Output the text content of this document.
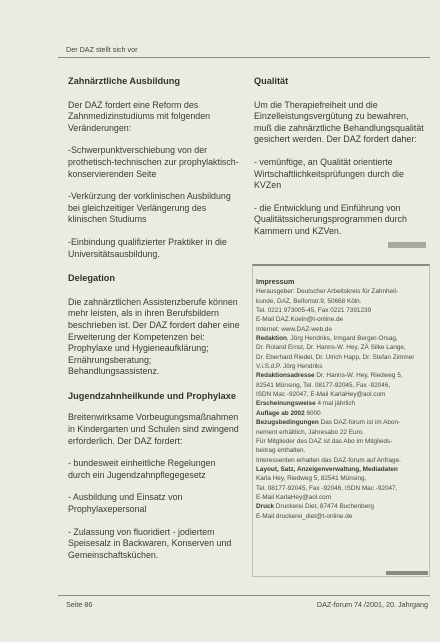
Der DAZ stellt sich vor
Zahnärztliche Ausbildung

Der DAZ fordert eine Reform des Zahnmedizinstudiums mit folgenden Veränderungen:

-Schwerpunktverschiebung von der prothetisch-technischen zur prophylaktisch-konservierenden Seite

-Verkürzung der vorklinischen Ausbildung bei gleichzeitiger Verlängerung des klinischen Studiums

-Einbindung qualifizierter Praktiker in die Universitätsausbildung.

Delegation

Die zahnärztlichen Assistenzberufe können mehr leisten, als in ihren Berufsbildern beschrieben ist. Der DAZ fordert daher eine Erweiterung der Kompetenzen bei: Prophylaxe und Hygieneaufklärung; Ernährungsberatung; Behandlungsassistenz.

Jugendzahnheilkunde und Prophylaxe

Breitenwirksame Vorbeugungsmaßnahmen in Kindergarten und Schulen sind zwingend erforderlich. Der DAZ fordert:

- bundesweit einheitliche Regelungen durch ein Jugendzahnpflegegesetz

- Ausbildung und Einsatz von Prophylaxepersonal

- Zulassung von fluoridiert - jodiertem Speisesalz in Backwaren, Konserven und Gemeinschaftsküchen.

Qualität

Um die Therapiefreiheit und die Einzelleistungsvergütung zu bewahren, muß die zahnärztliche Behandlungsqualität gesichert werden. Der DAZ fordert daher:

- vemünftige, an Qualität orientierte Wirtschaftlichkeitsprüfungen durch die KVZen

- die Entwicklung und Einführung von Qualitätssicherungsprogrammen durch Kammern und KZVen.

Impressum
Herausgeber: Deutscher Arbeitskreis für Zahnheil-
kunde, DAZ, Belfortstr.9, 50668 Köln.
Tel. 0221 973005-45, Fax 0221 7391239
E-Mail DAZ.Koeln@t-online.de
Internet: www.DAZ-web.de
Redaktion, Jörg Hendriks, Irmgard Berger-Orsag,
Dr. Roland Ernst, Dr. Hanns-W. Hey, ZÄ Silke Lange,
Dr. Eberhard Riedel, Dr. Ulrich Happ, Dr. Stefan Zimmer
V.i.S.d.P. Jörg Hendriks
Redaktionsadresse Dr. Hanns-W. Hey, Riedweg 5,
82541 Münsing, Tel. 08177-92045, Fax -92046,
ISDN Mac -92047, E-Mail KarlaHey@aol.com
Erscheinungsweise 4 mal jährlich
Auflage ab 2002 6000
Bezugsbedingungen Das DAZ-forum ist im Abon-
nement erhältlich, Jahresabo 22 Euro.
Für Mitglieder des DAZ ist das Abo im Mitglieds-
beitrag enthalten.
Interessenten erhalten das DAZ-forum auf Anfrage.
Layout, Satz, Anzeigenverwaltung, Mediadaten
Karla Hey, Riedweg 5, 82541 Münsing,
Tel. 08177-92045, Fax -92046, ISDN Mac -92047,
E-Mail KarlaHey@aol.com
Druck Druckerei Diet, 87474 Buchenberg
E-Mail druckerei_diet@t-online.de
Seite 86	DAZ-forum 74 /2001, 20. Jahrgang
